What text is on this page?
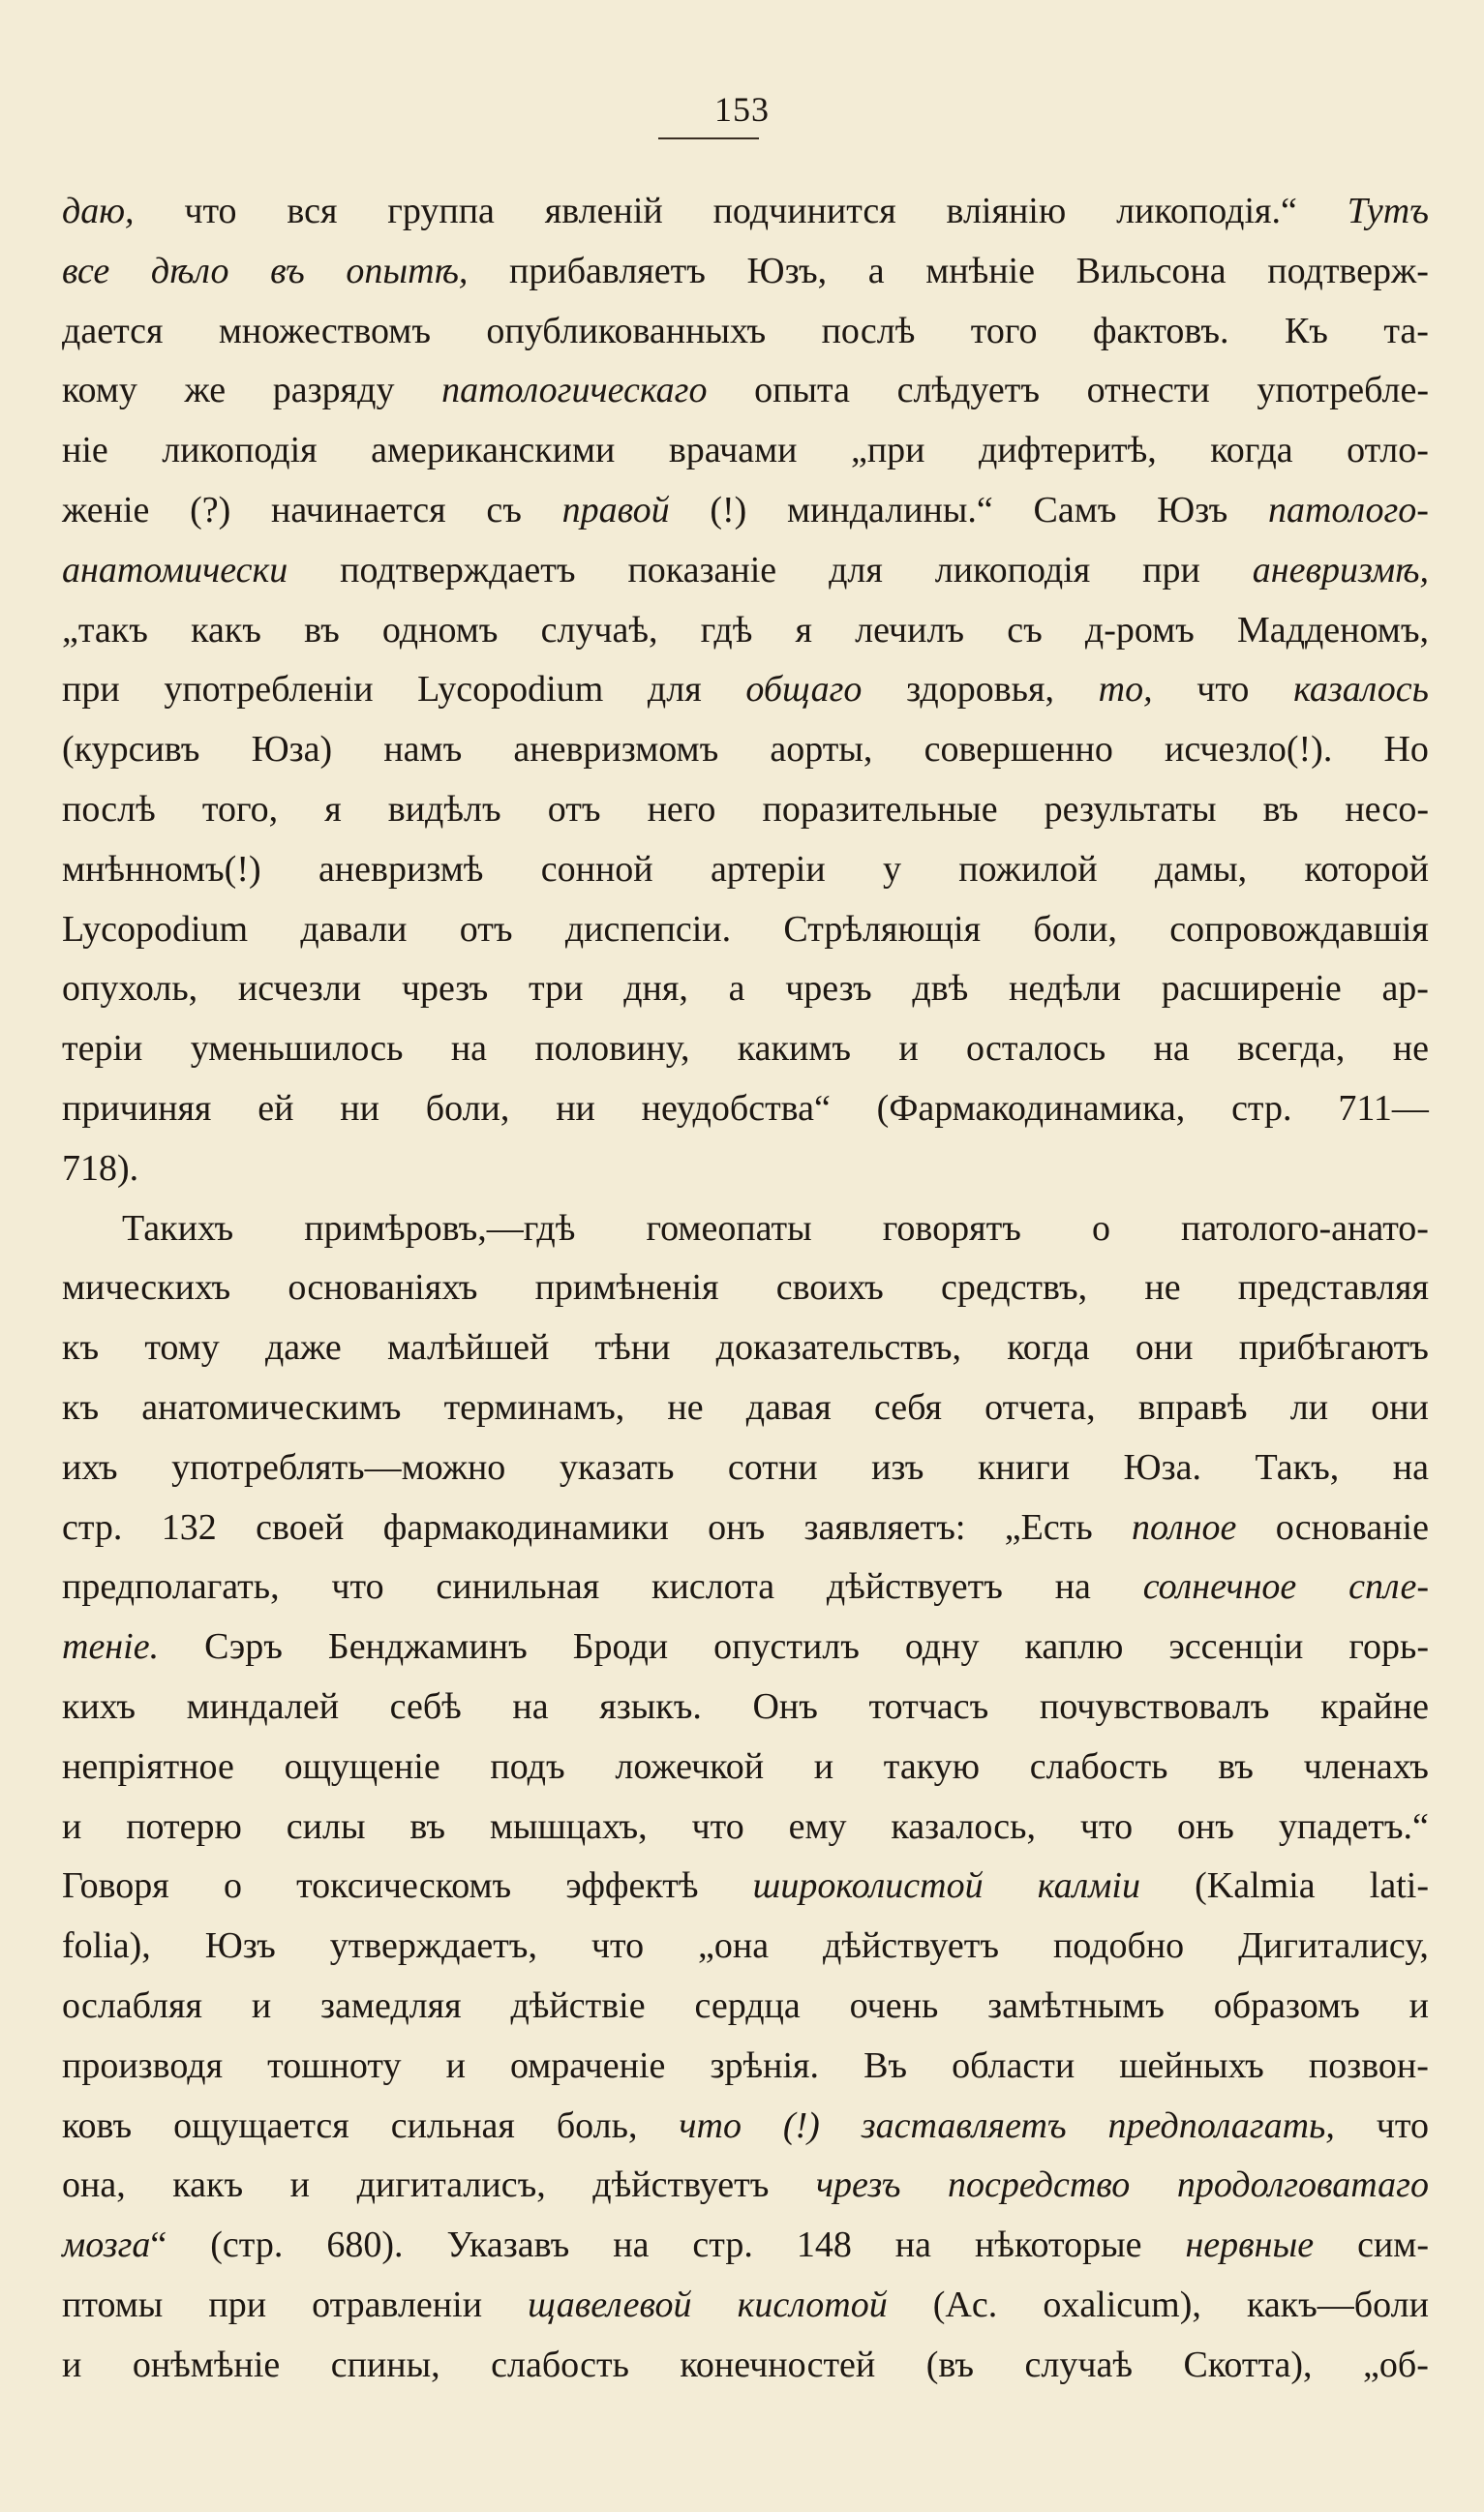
153
даю, что вся группа явленій подчинится вліянію ликоподія.“ Тутъ
все дѣло въ опытѣ, прибавляетъ Юзъ, а мнѣніе Вильсона подтверж-
дается множествомъ опубликованныхъ послѣ того фактовъ. Къ та-
кому же разряду патологическаго опыта слѣдуетъ отнести употребле-
ніе ликоподія американскими врачами „при дифтеритѣ, когда отло-
женіе (?) начинается съ правой (!) миндалины.“ Самъ Юзъ патолого-
анатомически подтверждаетъ показаніе для ликоподія при аневризмѣ,
„такъ какъ въ одномъ случаѣ, гдѣ я лечилъ съ д-ромъ Мадденомъ,
при употребленіи Lycopodium для общаго здоровья, то, что казалось
(курсивъ Юза) намъ аневризмомъ аорты, совершенно исчезло(!). Но
послѣ того, я видѣлъ отъ него поразительные результаты въ несо-
мнѣнномъ(!) аневризмѣ сонной артеріи у пожилой дамы, которой
Lycopodium давали отъ диспепсіи. Стрѣляющія боли, сопровождавшія
опухоль, исчезли чрезъ три дня, а чрезъ двѣ недѣли расширеніе ар-
теріи уменьшилось на половину, какимъ и осталось на всегда, не
причиняя ей ни боли, ни неудобства“ (Фармакодинамика, стр. 711—
718).
Такихъ примѣровъ,—гдѣ гомеопаты говорятъ о патолого-анато-
мическихъ основаніяхъ примѣненія своихъ средствъ, не представляя
къ тому даже малѣйшей тѣни доказательствъ, когда они прибѣгаютъ
къ анатомическимъ терминамъ, не давая себя отчета, вправѣ ли они
ихъ употреблять—можно указать сотни изъ книги Юза. Такъ, на
стр. 132 своей фармакодинамики онъ заявляетъ: „Есть полное основаніе
предполагать, что синильная кислота дѣйствуетъ на солнечное спле-
теніе. Сэръ Бенджаминъ Броди опустилъ одну каплю эссенціи горь-
кихъ миндалей себѣ на языкъ. Онъ тотчасъ почувствовалъ крайне
непріятное ощущеніе подъ ложечкой и такую слабость въ членахъ
и потерю силы въ мышцахъ, что ему казалось, что онъ упадетъ.“
Говоря о токсическомъ эффектѣ широколистой калміи (Kalmia lati-
folia), Юзъ утверждаетъ, что „она дѣйствуетъ подобно Дигиталису,
ослабляя и замедляя дѣйствіе сердца очень замѣтнымъ образомъ и
производя тошноту и омраченіе зрѣнія. Въ области шейныхъ позвон-
ковъ ощущается сильная боль, что (!) заставляетъ предполагать, что
она, какъ и дигиталисъ, дѣйствуетъ чрезъ посредство продолговатаго
мозга“ (стр. 680). Указавъ на стр. 148 на нѣкоторые нервные сим-
птомы при отравленіи щавелевой кислотой (Ac. oxalicum), какъ—боли
и онѣмѣніе спины, слабость конечностей (въ случаѣ Скотта), „об-
